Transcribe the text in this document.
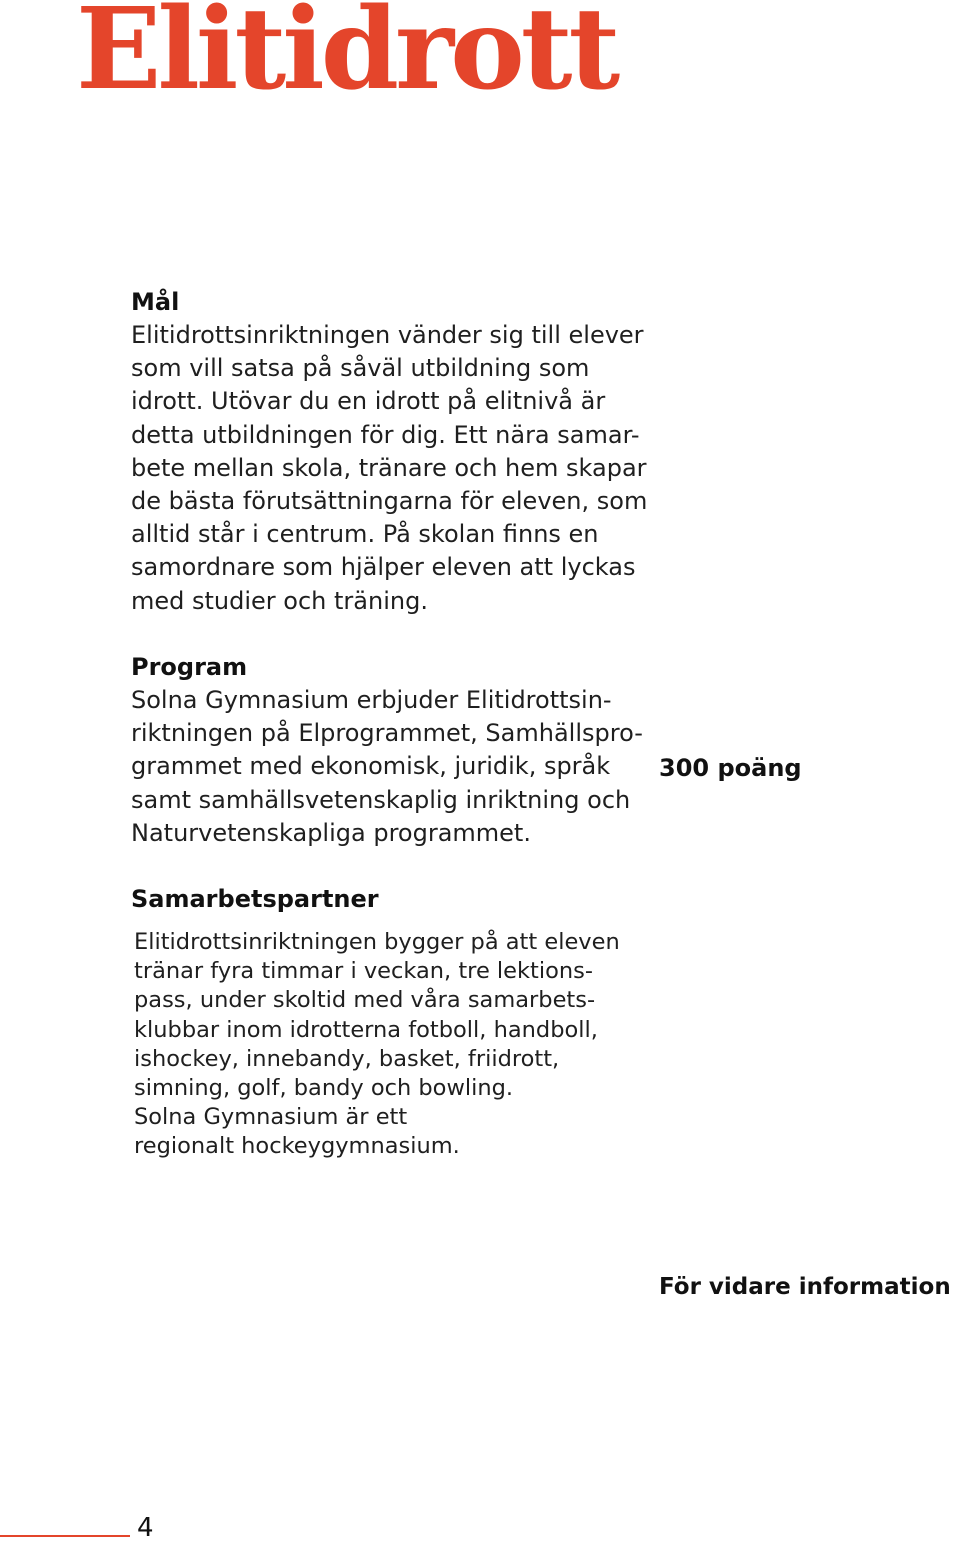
Elitidrott
Mål

Elitidrottsinriktningen vänder sig till elever
som vill satsa på såväl utbildning som
idrott. Utövar du en idrott på elitnivå är
detta utbildningen för dig. Ett nära samar-
bete mellan skola, tränare och hem skapar
de bästa förutsättningarna för eleven, som
alltid står i centrum. På skolan finns en
samordnare som hjälper eleven att lyckas
med studier och träning.

Program

Solna Gymnasium erbjuder Elitidrottsin-
riktningen på Elprogrammet, Samhällspro-
grammet med ekonomisk, juridik, språk
samt samhällsvetenskaplig inriktning och
Naturvetenskapliga programmet.

300 poäng

Samarbetspartner

Elitidrottsinriktningen bygger på att eleven
tränar fyra timmar i veckan, tre lektions-
pass, under skoltid med våra samarbets-
klubbar inom idrotterna fotboll, handboll,
ishockey, innebandy, basket, friidrott,
simning, golf, bandy och bowling.
Solna Gymnasium är ett
regionalt hockeygymnasium.

För vidare information

4
